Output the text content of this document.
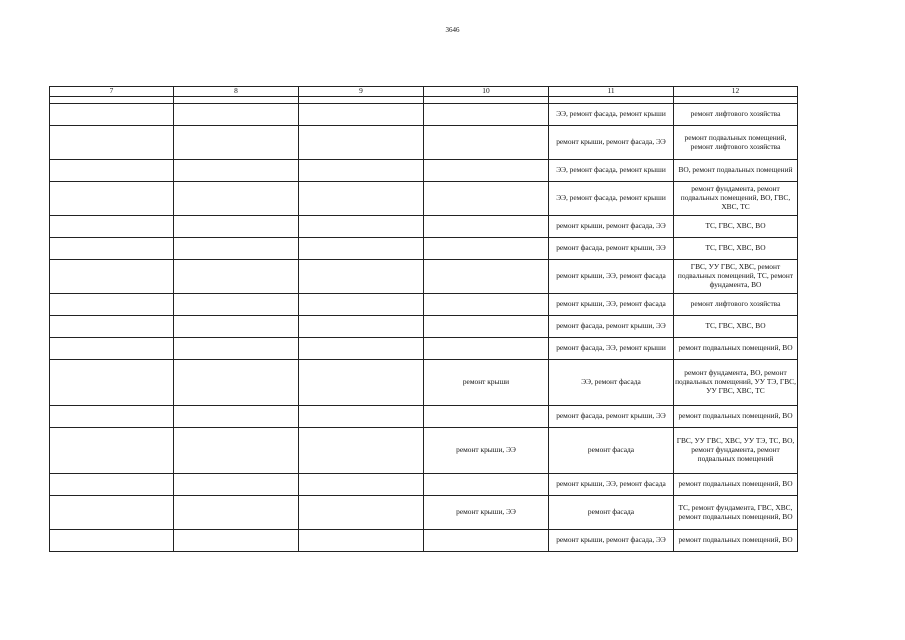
3646
7	8	9	10	11	12

				ЭЭ, ремонт фасада, ремонт крыши	ремонт лифтового хозяйства
				ремонт крыши, ремонт фасада, ЭЭ	ремонт подвальных помещений, ремонт лифтового хозяйства
				ЭЭ, ремонт фасада, ремонт крыши	ВО, ремонт подвальных помещений
				ЭЭ, ремонт фасада, ремонт крыши	ремонт фундамента, ремонт подвальных помещений, ВО, ГВС, ХВС, ТС
				ремонт крыши, ремонт фасада, ЭЭ	ТС, ГВС, ХВС, ВО
				ремонт фасада, ремонт крыши, ЭЭ	ТС, ГВС, ХВС, ВО
				ремонт крыши, ЭЭ, ремонт фасада	ГВС, УУ ГВС, ХВС, ремонт подвальных помещений, ТС, ремонт фундамента, ВО
				ремонт крыши, ЭЭ, ремонт фасада	ремонт лифтового хозяйства
				ремонт фасада, ремонт крыши, ЭЭ	ТС, ГВС, ХВС, ВО
				ремонт фасада, ЭЭ, ремонт крыши	ремонт подвальных помещений, ВО
			ремонт крыши	ЭЭ, ремонт фасада	ремонт фундамента, ВО, ремонт подвальных помещений, УУ ТЭ, ГВС, УУ ГВС, ХВС, ТС
				ремонт фасада, ремонт крыши, ЭЭ	ремонт подвальных помещений, ВО
			ремонт крыши, ЭЭ	ремонт фасада	ГВС, УУ ГВС, ХВС, УУ ТЭ, ТС, ВО, ремонт фундамента, ремонт подвальных помещений
				ремонт крыши, ЭЭ, ремонт фасада	ремонт подвальных помещений, ВО
			ремонт крыши, ЭЭ	ремонт фасада	ТС, ремонт фундамента, ГВС, ХВС, ремонт подвальных помещений, ВО
				ремонт крыши, ремонт фасада, ЭЭ	ремонт подвальных помещений, ВО
